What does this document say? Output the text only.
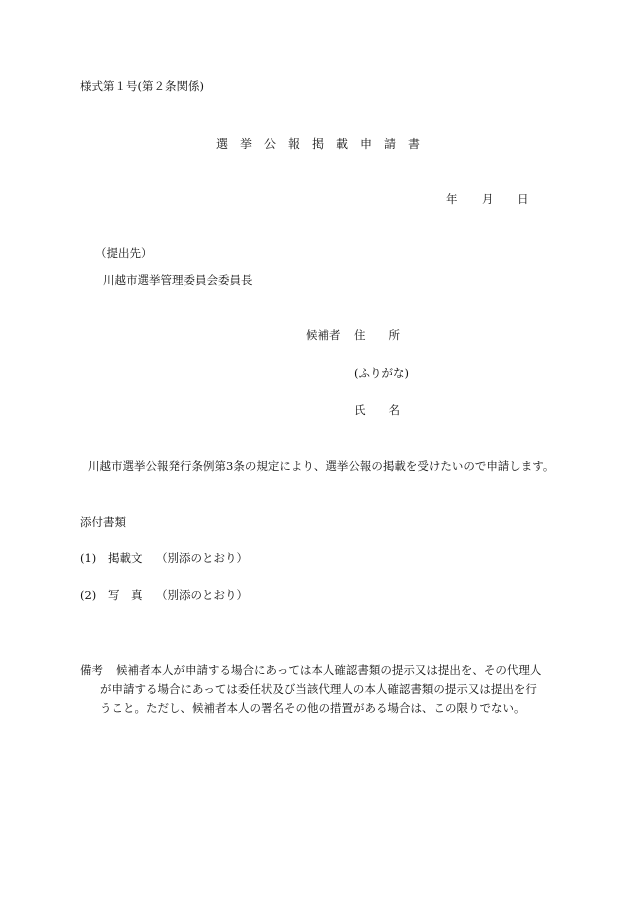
様式第１号(第２条関係)
選挙公報掲載申請書
年 月 日
（提出先）
川越市選挙管理委員会委員長
候補者 住　　所
(ふりがな)
氏　　名
川越市選挙公報発行条例第3条の規定により、選挙公報の掲載を受けたいので申請します。
添付書類
(1) 掲載文 （別添のとおり）
(2) 写　真 （別添のとおり）
備考 候補者本人が申請する場合にあっては本人確認書類の提示又は提出を、その代理人
が申請する場合にあっては委任状及び当該代理人の本人確認書類の提示又は提出を行
うこと。ただし、候補者本人の署名その他の措置がある場合は、この限りでない。
